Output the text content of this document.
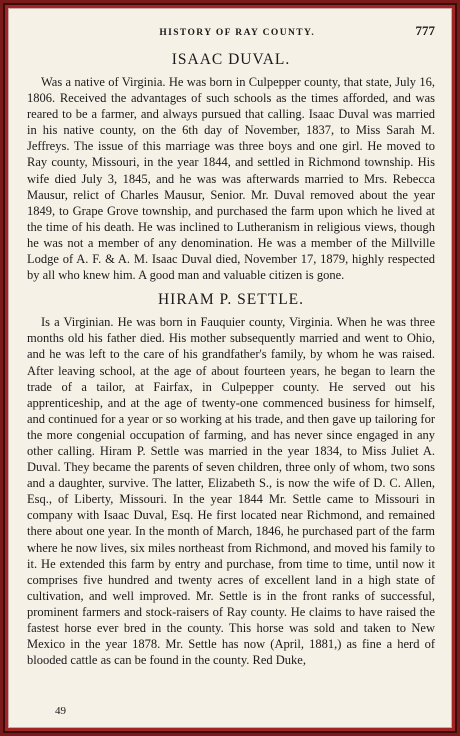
HISTORY OF RAY COUNTY.	777
ISAAC DUVAL.

Was a native of Virginia. He was born in Culpepper county, that state, July 16, 1806. Received the advantages of such schools as the times afforded, and was reared to be a farmer, and always pursued that calling. Isaac Duval was married in his native county, on the 6th day of November, 1837, to Miss Sarah M. Jeffreys. The issue of this marriage was three boys and one girl. He moved to Ray county, Missouri, in the year 1844, and settled in Richmond township. His wife died July 3, 1845, and he was was afterwards married to Mrs. Rebecca Mausur, relict of Charles Mausur, Senior. Mr. Duval removed about the year 1849, to Grape Grove township, and purchased the farm upon which he lived at the time of his death. He was inclined to Lutheranism in religious views, though he was not a member of any denomination. He was a member of the Millville Lodge of A. F. & A. M. Isaac Duval died, November 17, 1879, highly respected by all who knew him. A good man and valuable citizen is gone.

HIRAM P. SETTLE.

Is a Virginian. He was born in Fauquier county, Virginia. When he was three months old his father died. His mother subsequently married and went to Ohio, and he was left to the care of his grandfather's family, by whom he was raised. After leaving school, at the age of about fourteen years, he began to learn the trade of a tailor, at Fairfax, in Culpepper county. He served out his apprenticeship, and at the age of twenty-one commenced business for himself, and continued for a year or so working at his trade, and then gave up tailoring for the more congenial occupation of farming, and has never since engaged in any other calling. Hiram P. Settle was married in the year 1834, to Miss Juliet A. Duval. They became the parents of seven children, three only of whom, two sons and a daughter, survive. The latter, Elizabeth S., is now the wife of D. C. Allen, Esq., of Liberty, Missouri. In the year 1844 Mr. Settle came to Missouri in company with Isaac Duval, Esq. He first located near Richmond, and remained there about one year. In the month of March, 1846, he purchased part of the farm where he now lives, six miles northeast from Richmond, and moved his family to it. He extended this farm by entry and purchase, from time to time, until now it comprises five hundred and twenty acres of excellent land in a high state of cultivation, and well improved. Mr. Settle is in the front ranks of successful, prominent farmers and stock-raisers of Ray county. He claims to have raised the fastest horse ever bred in the county. This horse was sold and taken to New Mexico in the year 1878. Mr. Settle has now (April, 1881,) as fine a herd of blooded cattle as can be found in the county. Red Duke,

49
